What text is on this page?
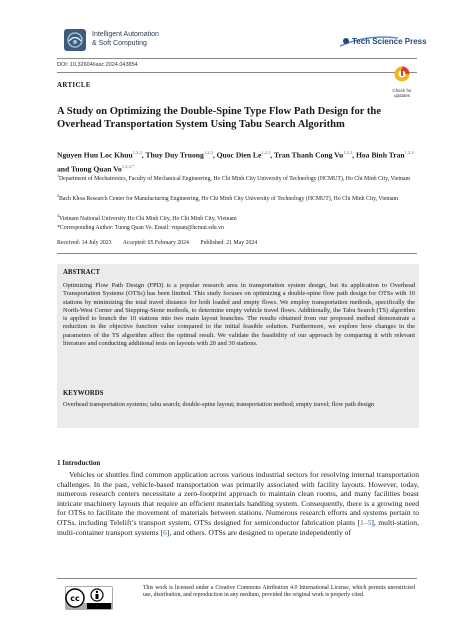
Intelligent Automation
& Soft Computing	Tech Science Press
DOI: 10.32604/iasc.2024.043854
ARTICLE
Check for
updates
A Study on Optimizing the Double-Spine Type Flow Path Design for the Overhead Transportation System Using Tabu Search Algorithm
Nguyen Huu Loc Khuu$^{1,2,3}$, Thuy Duy Truong$^{1,2,3}$, Quoc Dien Le$^{1,2,3}$, Tran Thanh Cong Vu$^{1,2,3}$, Hoa Binh Tran$^{1,2,3}$ and Tuong Quan $Vo^{1,2,3,*}$
$^1$Department of Mechatronics, Faculty of Mechanical Engineering, Ho Chi Minh City University of Technology (HCMUT), Ho Chi Minh City, Vietnam
$^2$Bach Khoa Research Center for Manufacturing Engineering, Ho Chi Minh City University of Technology (HCMUT), Ho Chi Minh City, Vietnam
$^3$Vietnam National University Ho Chi Minh City, Ho Chi Minh City, Vietnam
*Corresponding Author: Tuong Quan Vo. Email: vtquan@hcmut.edu.vn
Received: 14 July 2023 Accepted: 05 February 2024 Published: 21 May 2024
ABSTRACT
Optimizing Flow Path Design (FPD) is a popular research area in transportation system design, but its application to Overhead Transportation Systems (OTSs) has been limited. This study focuses on optimizing a double-spine flow path design for OTSs with 10 stations by minimizing the total travel distance for both loaded and empty flows. We employ transportation methods, specifically the North-West Corner and Stepping-Stone methods, to determine empty vehicle travel flows. Additionally, the Tabu Search (TS) algorithm is applied to branch the 10 stations into two main layout branches. The results obtained from our proposed method demonstrate a reduction in the objective function value compared to the initial feasible solution. Furthermore, we explore how changes in the parameters of the TS algorithm affect the optimal result. We validate the feasibility of our approach by comparing it with relevant literature and conducting additional tests on layouts with 20 and 30 stations.
KEYWORDS
Overhead transportation systems; tabu search; double-spine layout; transportation method; empty travel; flow path design
1 Introduction
Vehicles or shuttles find common application across various industrial sectors for resolving internal transportation challenges. In the past, vehicle-based transportation was primarily associated with facility layouts. However, today, numerous research centers necessitate a zero-footprint approach to maintain clean rooms, and many facilities boast intricate machinery layouts that require an efficient materials handling system. Consequently, there is a growing need for OTSs to facilitate the movement of materials between stations. Numerous research efforts and systems pertain to OTSs, including Telelift’s transport system, OTSs designed for semiconductor fabrication plants [1–5], multi-station, multi-container transport systems [6], and others. OTSs are designed to operate independently of
cc
This work is licensed under a Creative Commons Attribution 4.0 International License, which permits unrestricted use, distribution, and reproduction in any medium, provided the original work is properly cited.
